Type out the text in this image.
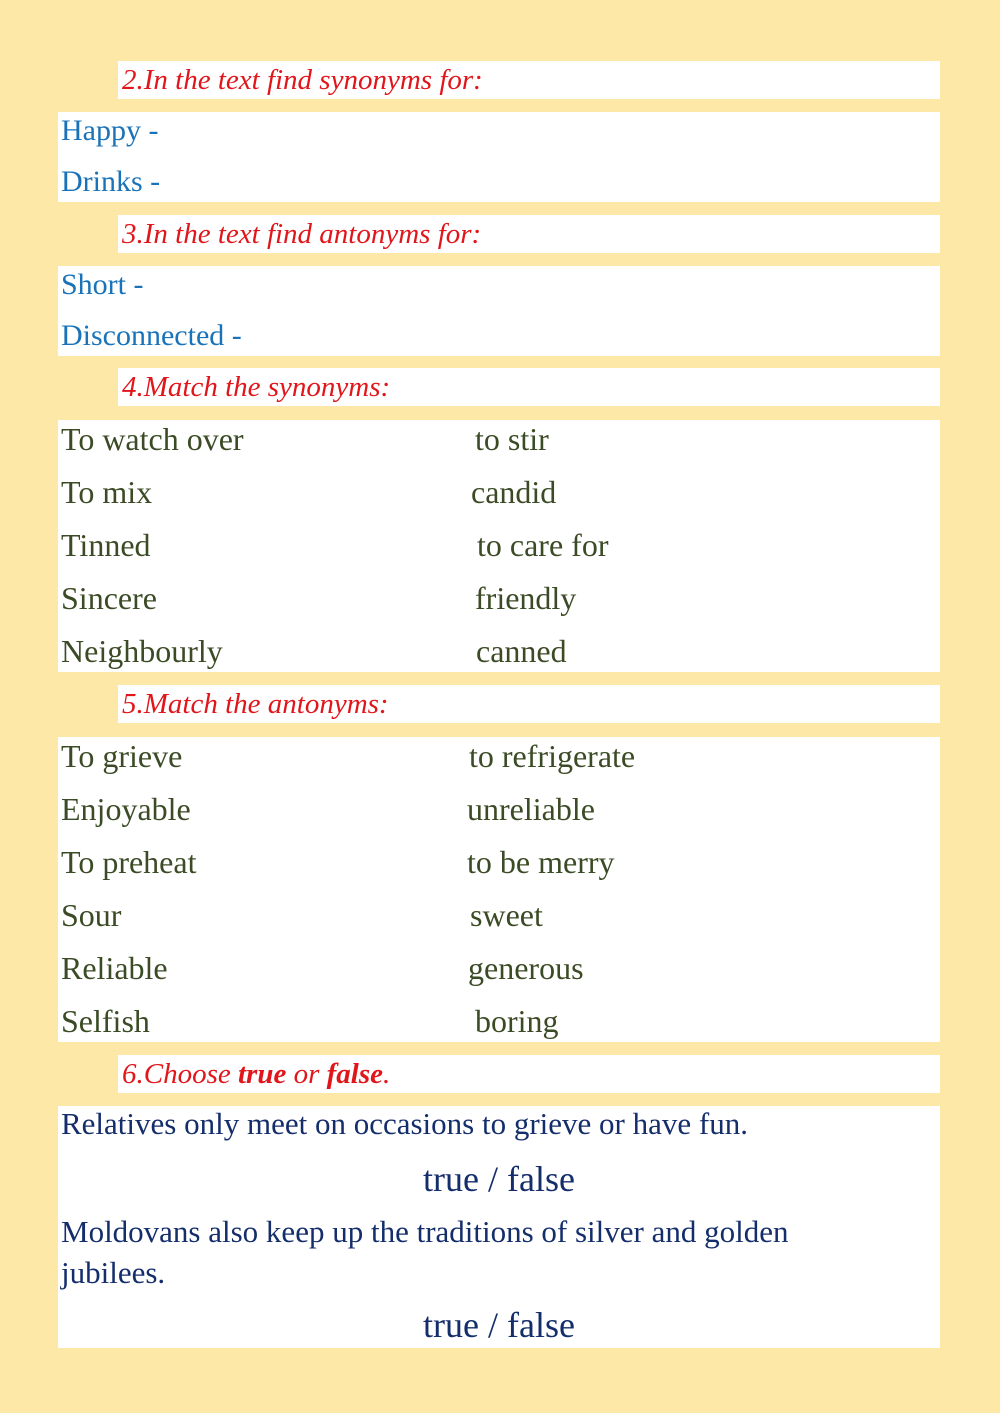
2.In the text find synonyms for:
Happy -
Drinks -
3.In the text find antonyms for:
Short -
Disconnected -
4.Match the synonyms:
To watch over	to stir
To mix	candid
Tinned	to care for
Sincere	friendly
Neighbourly	canned
5.Match the antonyms:
To grieve	to refrigerate
Enjoyable	unreliable
To preheat	to be merry
Sour	sweet
Reliable	generous
Selfish	boring
6.Choose true or false.
Relatives only meet on occasions to grieve or have fun.
true / false
Moldovans also keep up the traditions of silver and golden
jubilees.
true / false
